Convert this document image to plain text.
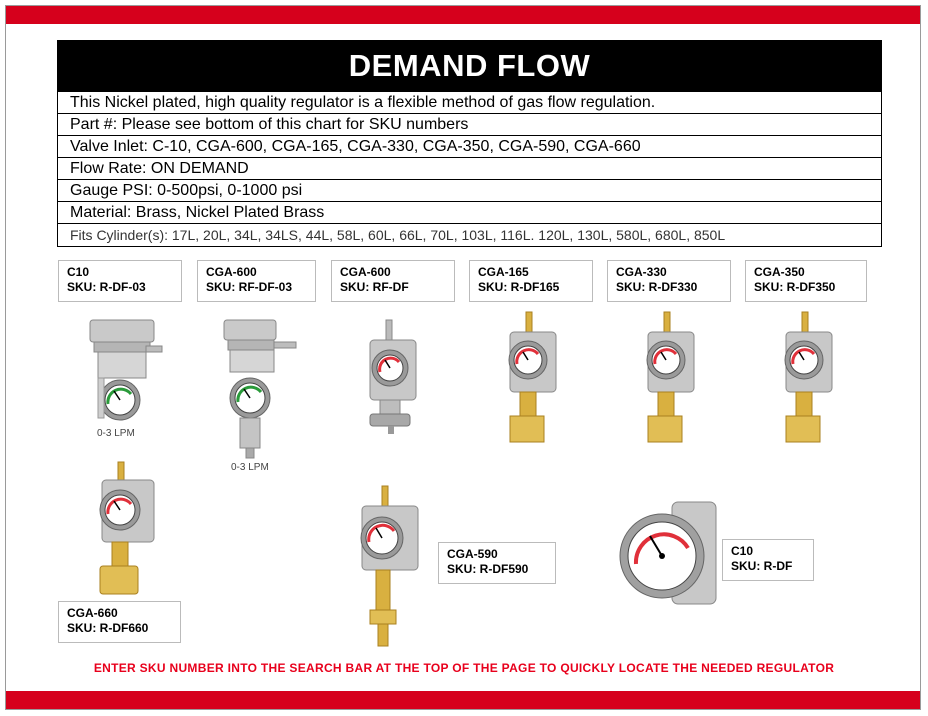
DEMAND FLOW
This Nickel plated, high quality regulator is a flexible method of gas flow regulation.
Part #: Please see bottom of this chart for SKU numbers
Valve Inlet: C-10, CGA-600, CGA-165, CGA-330, CGA-350, CGA-590, CGA-660
Flow Rate: ON DEMAND
Gauge PSI: 0-500psi, 0-1000 psi
Material: Brass, Nickel Plated Brass
Fits Cylinder(s): 17L, 20L, 34L, 34LS, 44L, 58L, 60L, 66L, 70L, 103L, 116L. 120L, 130L, 580L, 680L, 850L
C10
SKU: R-DF-03
CGA-600
SKU: RF-DF-03
CGA-600
SKU: RF-DF
CGA-165
SKU: R-DF165
CGA-330
SKU: R-DF330
CGA-350
SKU: R-DF350
CGA-660
SKU: R-DF660
CGA-590
SKU: R-DF590
C10
SKU: R-DF
0-3 LPM
0-3 LPM
ENTER SKU NUMBER INTO THE SEARCH BAR AT THE TOP OF THE PAGE TO QUICKLY LOCATE THE NEEDED REGULATOR
